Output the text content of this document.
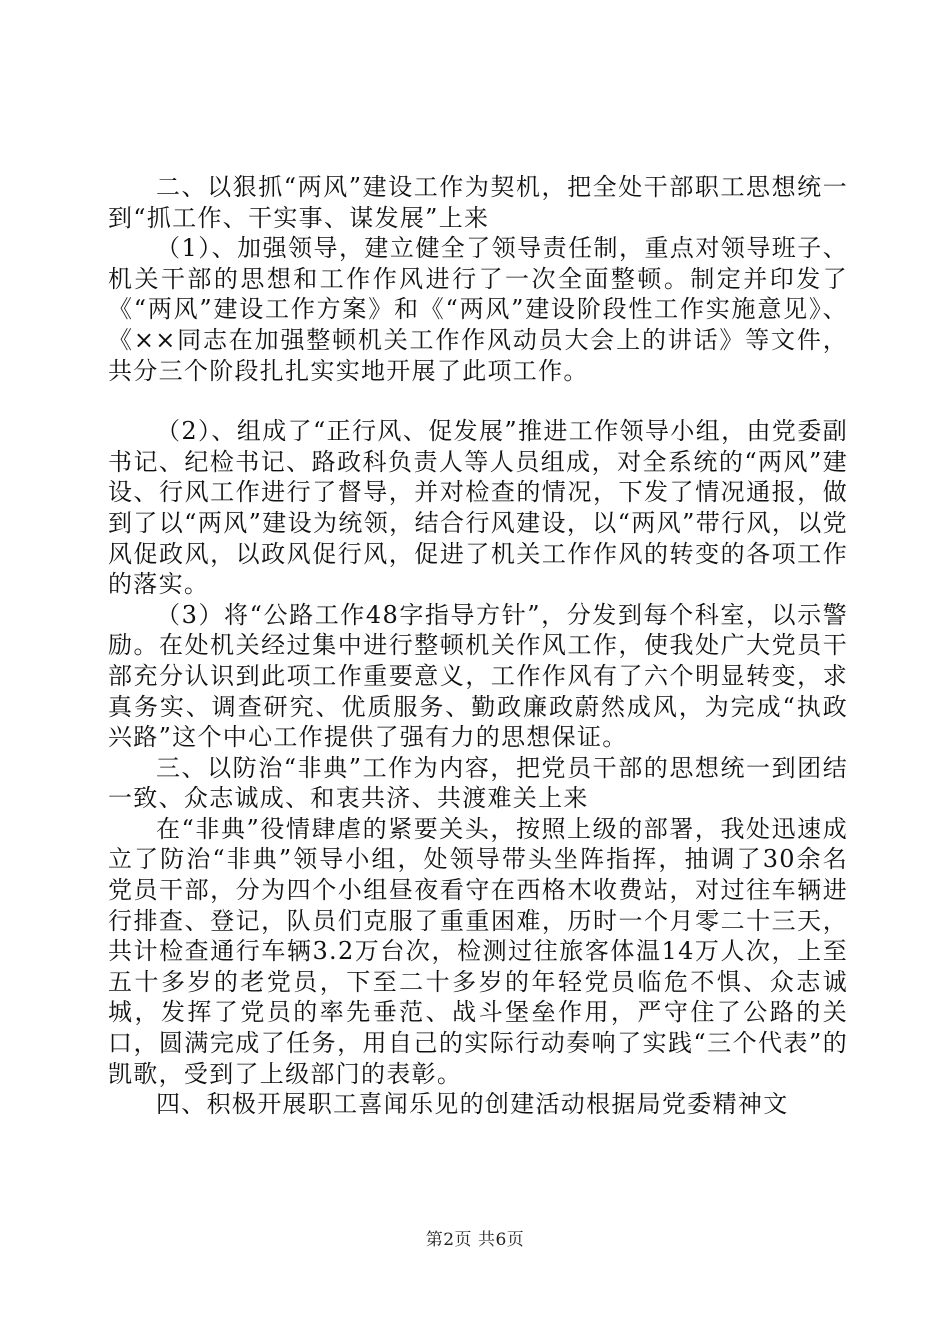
二、以狠抓“两风”建设工作为契机，把全处干部职工思想统一到“抓工作、干实事、谋发展”上来

（1）、加强领导，建立健全了领导责任制，重点对领导班子、机关干部的思想和工作作风进行了一次全面整顿。制定并印发了《“两风”建设工作方案》和《“两风”建设阶段性工作实施意见》、《××同志在加强整顿机关工作作风动员大会上的讲话》等文件，共分三个阶段扎扎实实地开展了此项工作。

（2）、组成了“正行风、促发展”推进工作领导小组，由党委副书记、纪检书记、路政科负责人等人员组成，对全系统的“两风”建设、行风工作进行了督导，并对检查的情况，下发了情况通报，做到了以“两风”建设为统领，结合行风建设，以“两风”带行风，以党风促政风，以政风促行风，促进了机关工作作风的转变的各项工作的落实。

（3）将“公路工作48字指导方针”，分发到每个科室，以示警励。在处机关经过集中进行整顿机关作风工作，使我处广大党员干部充分认识到此项工作重要意义，工作作风有了六个明显转变，求真务实、调查研究、优质服务、勤政廉政蔚然成风，为完成“执政兴路”这个中心工作提供了强有力的思想保证。

三、以防治“非典”工作为内容，把党员干部的思想统一到团结一致、众志诚成、和衷共济、共渡难关上来

在“非典”役情肆虐的紧要关头，按照上级的部署，我处迅速成立了防治“非典”领导小组，处领导带头坐阵指挥，抽调了30余名党员干部，分为四个小组昼夜看守在西格木收费站，对过往车辆进行排查、登记，队员们克服了重重困难，历时一个月零二十三天，共计检查通行车辆3.2万台次，检测过往旅客体温14万人次，上至五十多岁的老党员，下至二十多岁的年轻党员临危不惧、众志诚城，发挥了党员的率先垂范、战斗堡垒作用，严守住了公路的关口，圆满完成了任务，用自己的实际行动奏响了实践“三个代表”的凯歌，受到了上级部门的表彰。

四、积极开展职工喜闻乐见的创建活动根据局党委精神文

第2页 共6页
